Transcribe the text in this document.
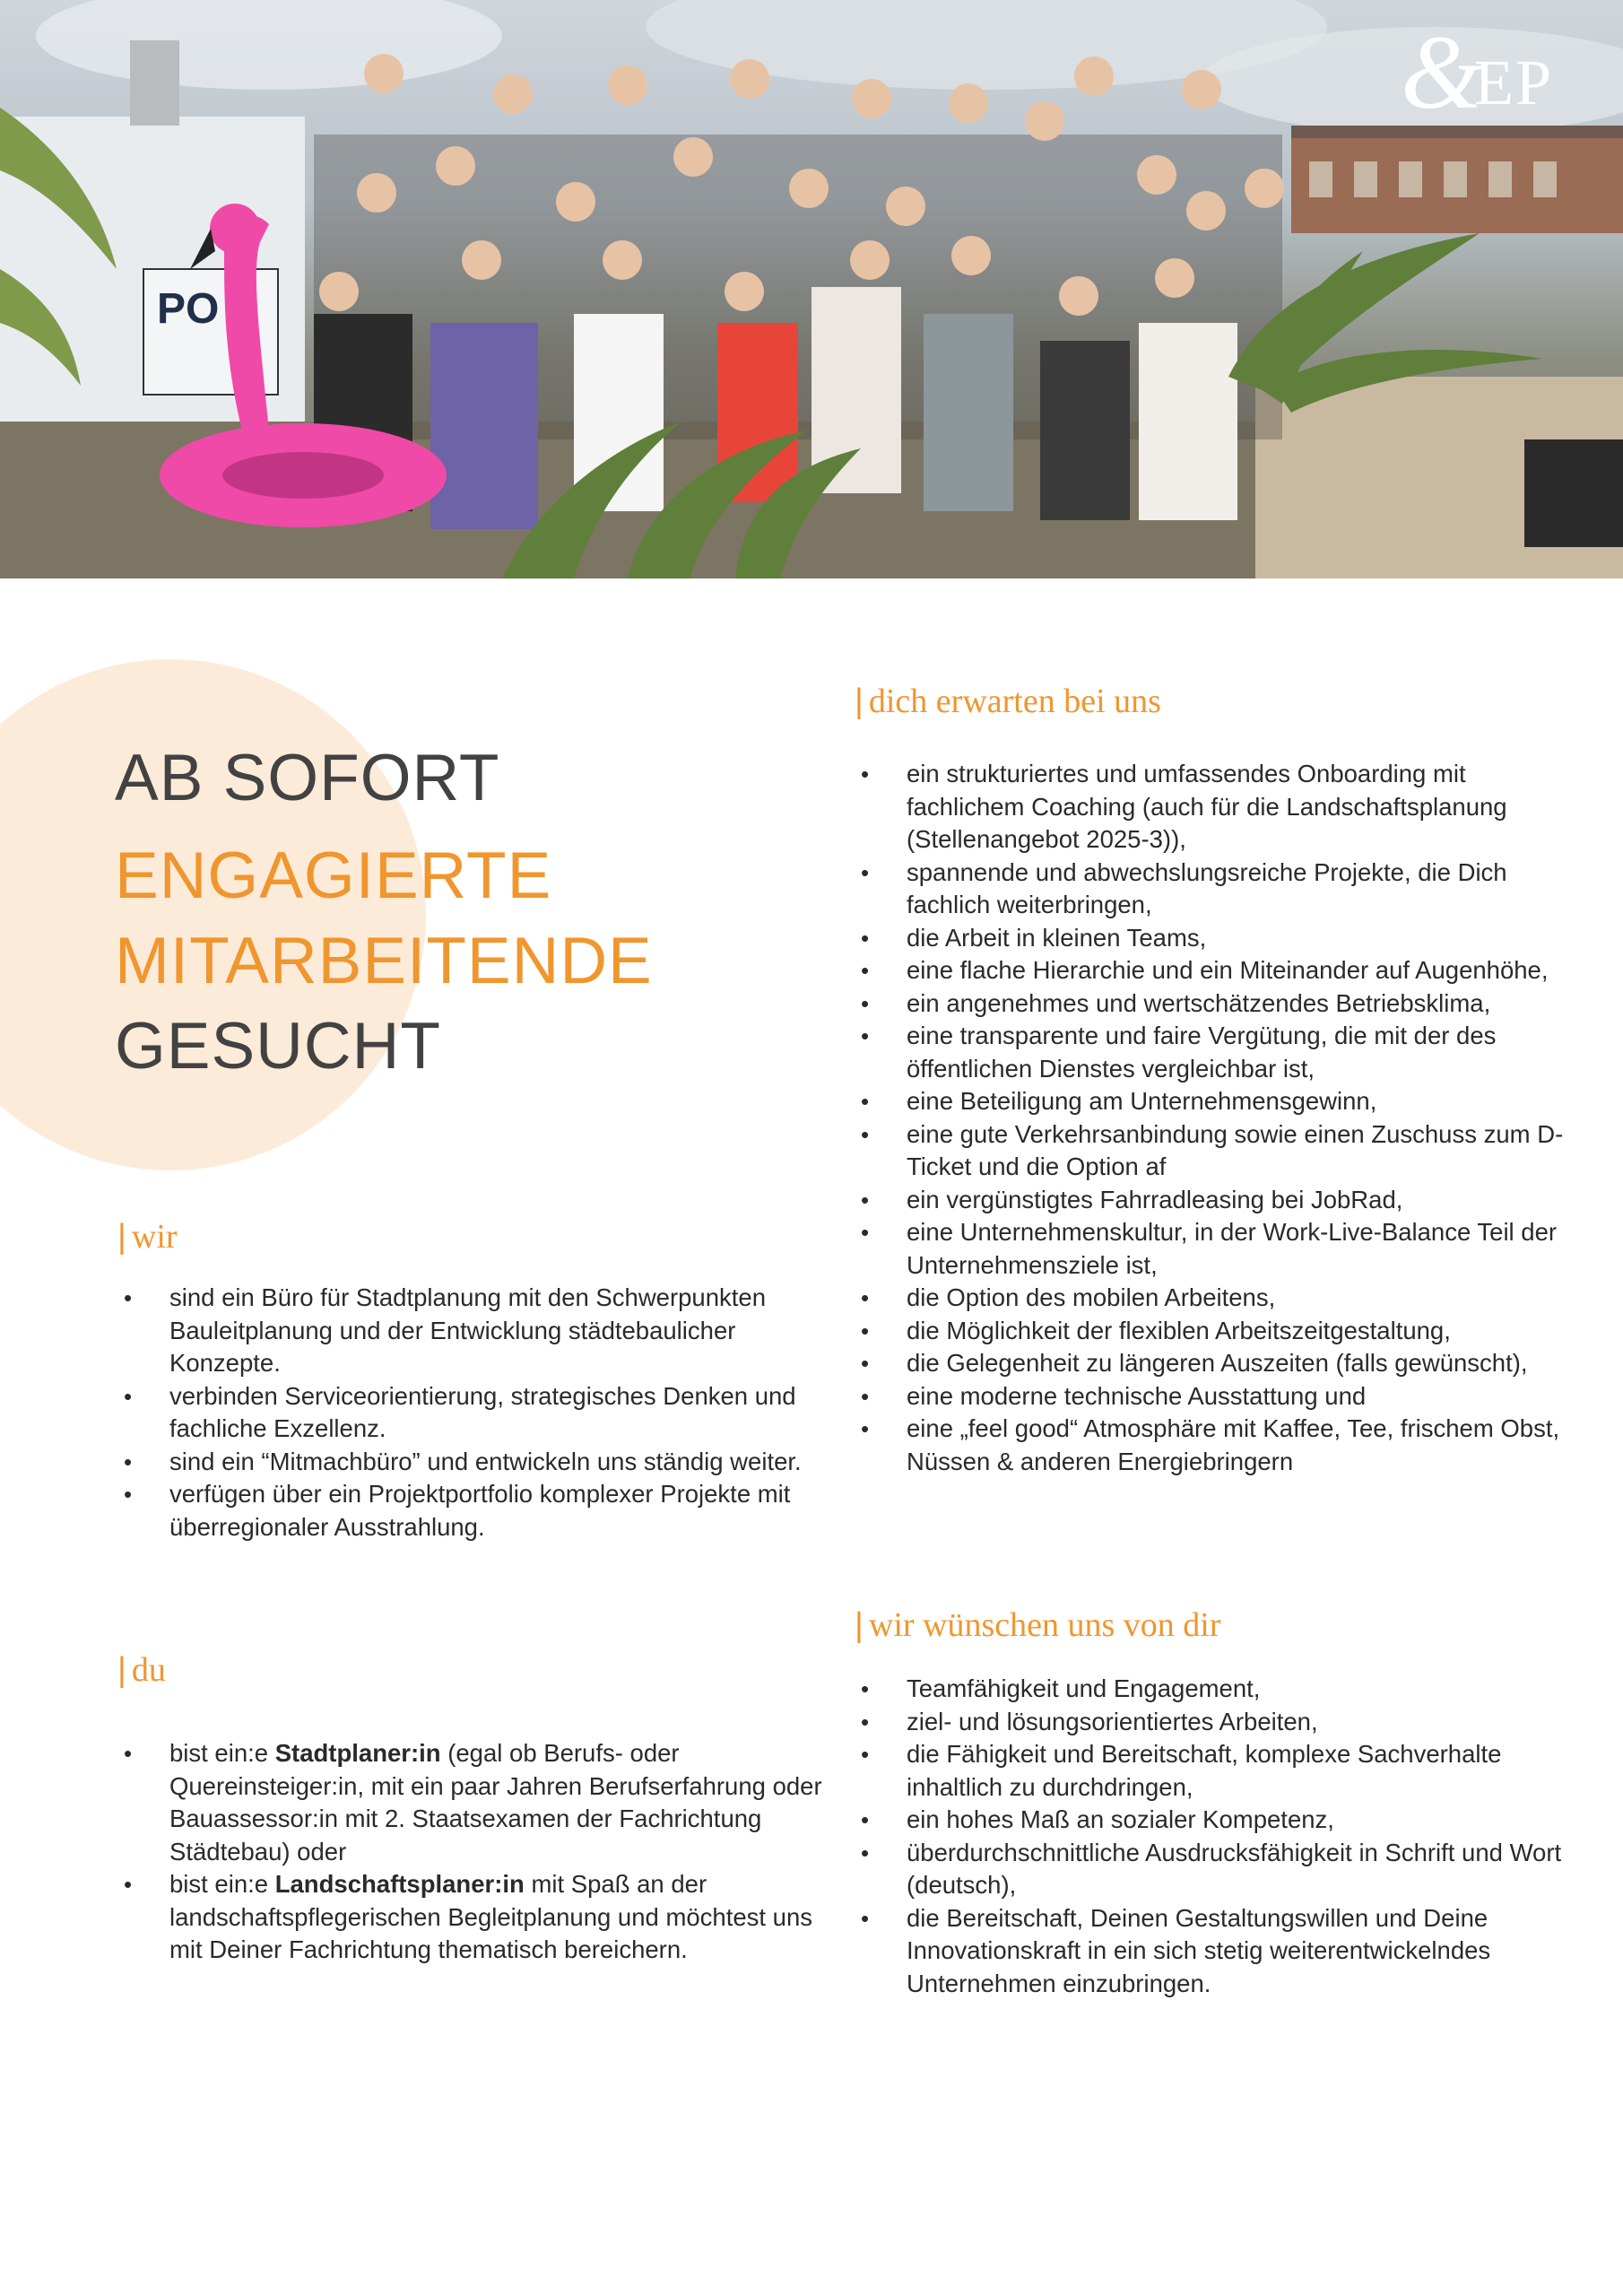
PO
&EP
AB SOFORT
ENGAGIERTE
MITARBEITENDE
GESUCHT
| wir
• sind ein Büro für Stadtplanung mit den Schwerpunkten Bauleitplanung und der Entwicklung städtebaulicher Konzepte.
• verbinden Serviceorientierung, strategisches Denken und fachliche Exzellenz.
• sind ein “Mitmachbüro” und entwickeln uns ständig weiter.
• verfügen über ein Projektportfolio komplexer Projekte mit überregionaler Ausstrahlung.
| du
• bist ein:e Stadtplaner:in (egal ob Berufs- oder Quereinsteiger:in, mit ein paar Jahren Berufserfahrung oder Bauassessor:in mit 2. Staatsexamen der Fachrichtung Städtebau) oder
• bist ein:e Landschaftsplaner:in mit Spaß an der landschaftspflegerischen Begleitplanung und möchtest uns mit Deiner Fachrichtung thematisch bereichern.
| dich erwarten bei uns
• ein strukturiertes und umfassendes Onboarding mit fachlichem Coaching (auch für die Landschaftsplanung (Stellenangebot 2025-3)),
• spannende und abwechslungsreiche Projekte, die Dich fachlich weiterbringen,
• die Arbeit in kleinen Teams,
• eine flache Hierarchie und ein Miteinander auf Augenhöhe,
• ein angenehmes und wertschätzendes Betriebsklima,
• eine transparente und faire Vergütung, die mit der des öffentlichen Dienstes vergleichbar ist,
• eine Beteiligung am Unternehmensgewinn,
• eine gute Verkehrsanbindung sowie einen Zuschuss zum D-Ticket und die Option af
• ein vergünstigtes Fahrradleasing bei JobRad,
• eine Unternehmenskultur, in der Work-Live-Balance Teil der Unternehmensziele ist,
• die Option des mobilen Arbeitens,
• die Möglichkeit der flexiblen Arbeitszeitgestaltung,
• die Gelegenheit zu längeren Auszeiten (falls gewünscht),
• eine moderne technische Ausstattung und
• eine „feel good“ Atmosphäre mit Kaffee, Tee, frischem Obst, Nüssen & anderen Energiebringern
| wir wünschen uns von dir
• Teamfähigkeit und Engagement,
• ziel- und lösungsorientiertes Arbeiten,
• die Fähigkeit und Bereitschaft, komplexe Sachverhalte inhaltlich zu durchdringen,
• ein hohes Maß an sozialer Kompetenz,
• überdurchschnittliche Ausdrucksfähigkeit in Schrift und Wort (deutsch),
• die Bereitschaft, Deinen Gestaltungswillen und Deine Innovationskraft in ein sich stetig weiterentwickelndes Unternehmen einzubringen.
